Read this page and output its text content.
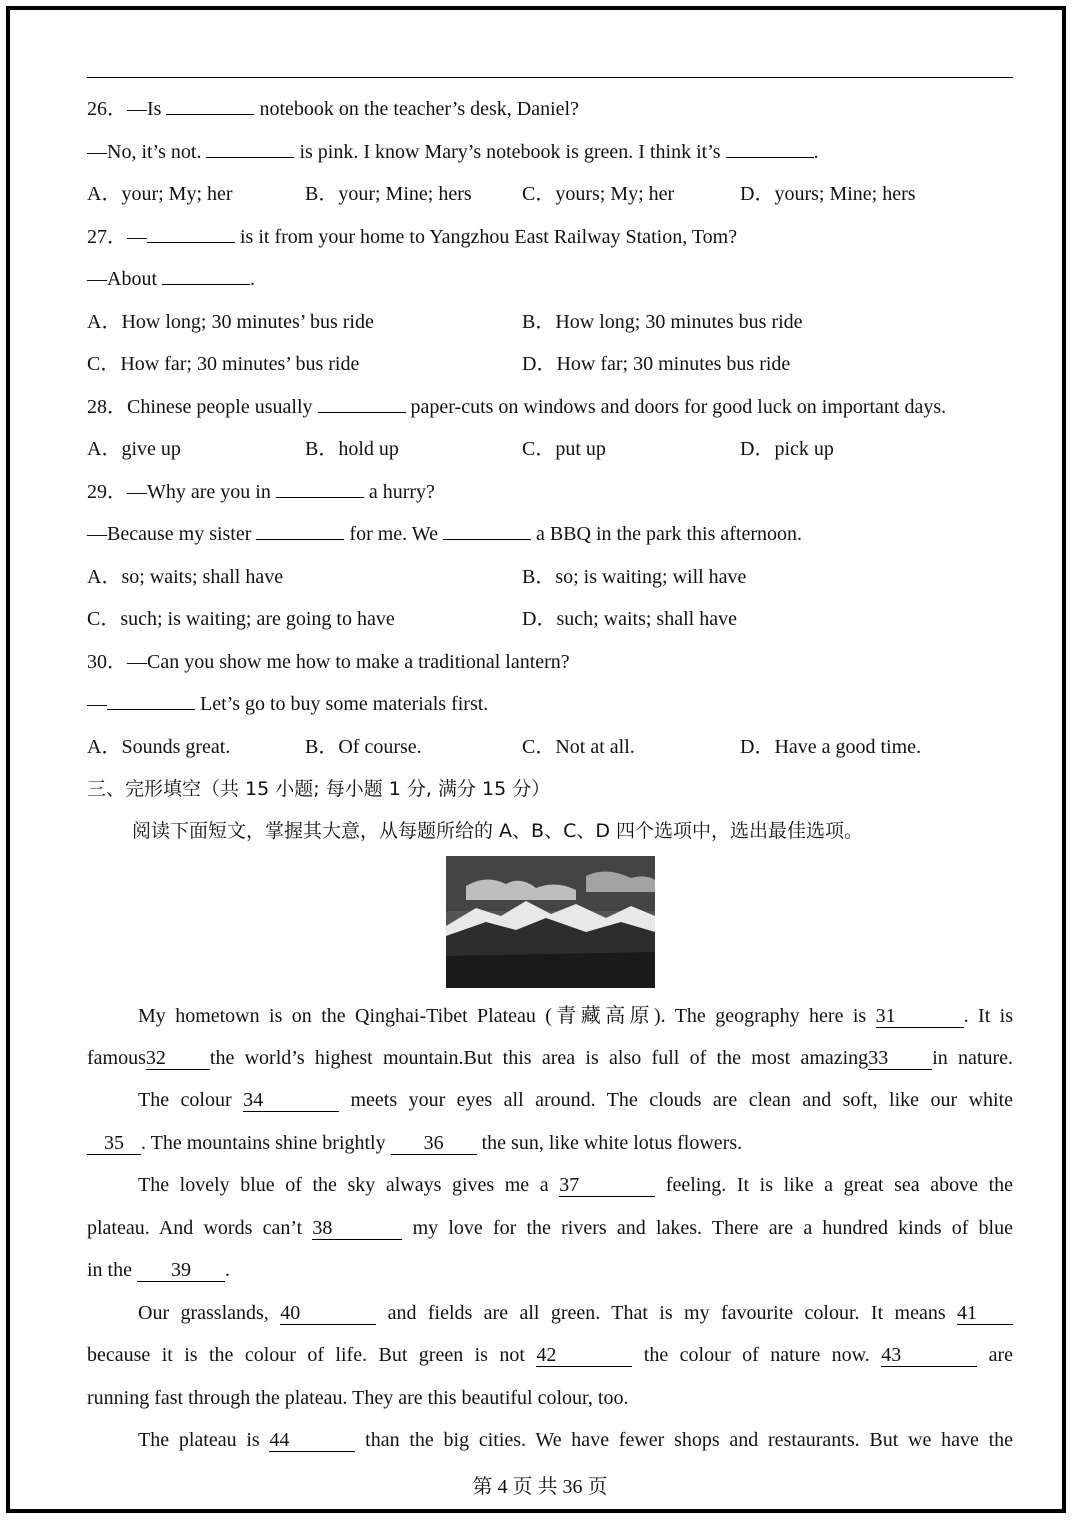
26．—Is	notebook on the teacher’s desk, Daniel?
—No, it’s not.	is pink. I know Mary’s notebook is green. I think it’s	.
A．your; My; her	B．your; Mine; hers	C．yours; My; her	D．yours; Mine; hers
27．—	is it from your home to Yangzhou East Railway Station, Tom?
—About	.
A．How long; 30 minutes’ bus ride	B．How long; 30 minutes bus ride
C．How far; 30 minutes’ bus ride	D．How far; 30 minutes bus ride
28．Chinese people usually	paper-cuts on windows and doors for good luck on important days.
A．give up	B．hold up	C．put up	D．pick up
29．—Why are you in	a hurry?
—Because my sister	for me. We	a BBQ in the park this afternoon.
A．so; waits; shall have	B．so; is waiting; will have
C．such; is waiting; are going to have	D．such; waits; shall have
30．—Can you show me how to make a traditional lantern?
—	Let’s go to buy some materials first.
A．Sounds great.	B．Of course.	C．Not at all.	D．Have a good time.
三、完形填空（共 15 小题; 每小题 1 分, 满分 15 分）
阅读下面短文，掌握其大意，从每题所给的 A、B、C、D 四个选项中，选出最佳选项。
My hometown is on the Qinghai-Tibet Plateau (青藏高原). The geography here is 31	. It is
famous32 the world’s highest mountain.But this area is also full of the most amazing33 in nature.
The colour 34	meets your eyes all around. The clouds are clean and soft, like our white
35 . The mountains shine brightly 36 the sun, like white lotus flowers.
The lovely blue of the sky always gives me a 37	feeling. It is like a great sea above the
plateau. And words can’t 38	my love for the rivers and lakes. There are a hundred kinds of blue
in the 39 .
Our grasslands, 40	and fields are all green. That is my favourite colour. It means 41
because it is the colour of life. But green is not 42	the colour of nature now. 43	are
running fast through the plateau. They are this beautiful colour, too.
The plateau is 44	than the big cities. We have fewer shops and restaurants. But we have the
第 4 页 共 36 页
